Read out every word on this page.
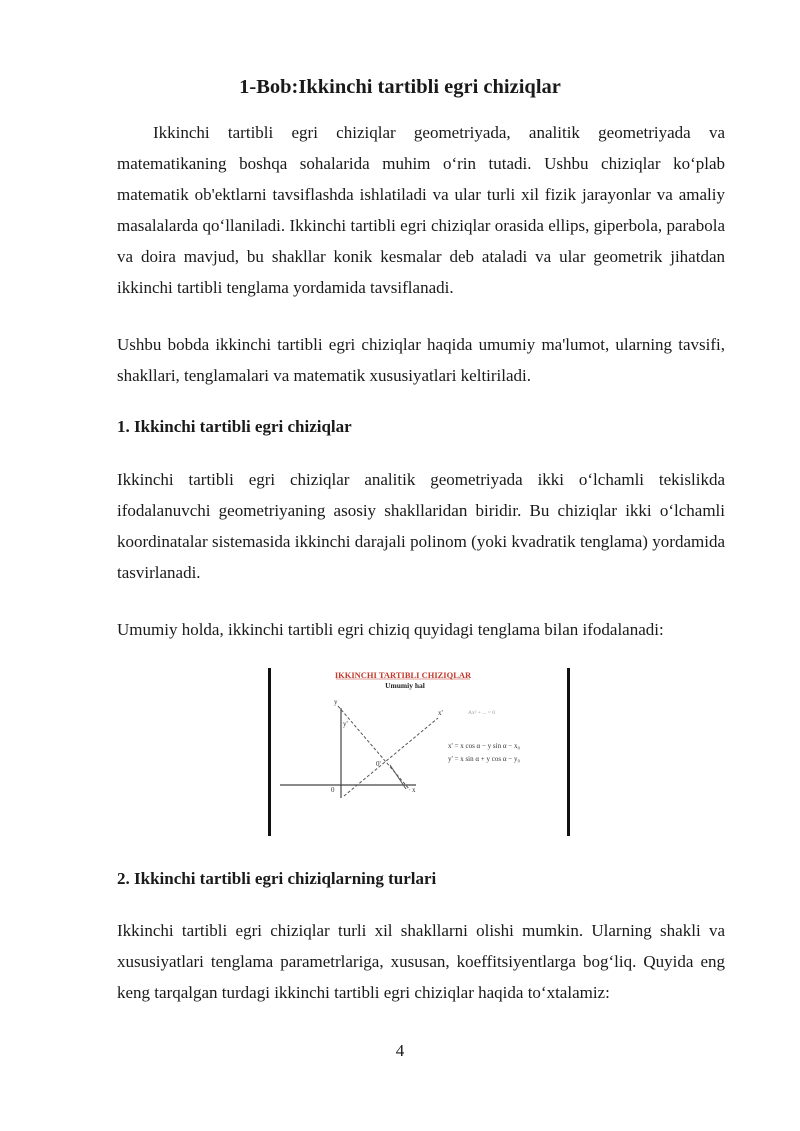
1-Bob:Ikkinchi tartibli egri chiziqlar

Ikkinchi tartibli egri chiziqlar geometriyada, analitik geometriyada va matematikaning boshqa sohalarida muhim o‘rin tutadi. Ushbu chiziqlar ko‘plab matematik ob'ektlarni tavsiflashda ishlatiladi va ular turli xil fizik jarayonlar va amaliy masalalarda qo‘llaniladi. Ikkinchi tartibli egri chiziqlar orasida ellips, giperbola, parabola va doira mavjud, bu shakllar konik kesmalar deb ataladi va ular geometrik jihatdan ikkinchi tartibli tenglama yordamida tavsiflanadi.

Ushbu bobda ikkinchi tartibli egri chiziqlar haqida umumiy ma'lumot, ularning tavsifi, shakllari, tenglamalari va matematik xususiyatlari keltiriladi.

1. Ikkinchi tartibli egri chiziqlar

Ikkinchi tartibli egri chiziqlar analitik geometriyada ikki o‘lchamli tekislikda ifodalanuvchi geometriyaning asosiy shakllaridan biridir. Bu chiziqlar ikki o‘lchamli koordinatalar sistemasida ikkinchi darajali polinom (yoki kvadratik tenglama) yordamida tasvirlanadi.

Umumiy holda, ikkinchi tartibli egri chiziq quyidagi tenglama bilan ifodalanadi:

IKKINCHI TARTIBLI CHIZIQLAR
Umumiy hal
y
y'
x'
x
0
0'
Ax² + ... = 0
x' = x cos α − y sin α − x₀
y' = x sin α + y cos α − y₀
2. Ikkinchi tartibli egri chiziqlarning turlari

Ikkinchi tartibli egri chiziqlar turli xil shakllarni olishi mumkin. Ularning shakli va xususiyatlari tenglama parametrlariga, xususan, koeffitsiyentlarga bog‘liq. Quyida eng keng tarqalgan turdagi ikkinchi tartibli egri chiziqlar haqida to‘xtalamiz:

4
